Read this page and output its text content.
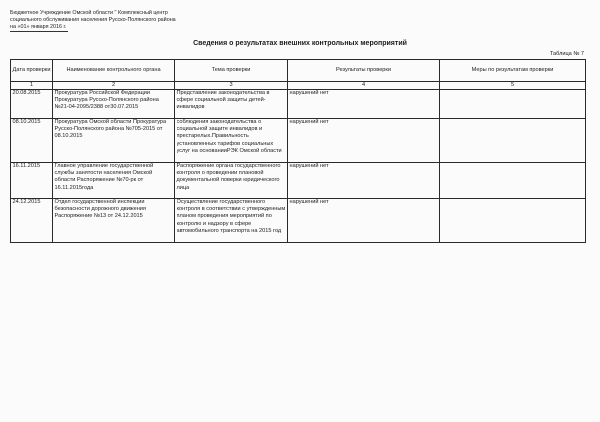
Бюджетное Учреждение Омской области " Комплексный центр
социального обслуживания населения Русско-Полянского района
на «01» января 2016 г.
Сведения о результатах внешних контрольных мероприятий
Таблица № 7
Дата проверки	Наименование контрольного органа	Тема проверки	Результаты проверки	Меры по результатам проверки
1	2	3	4	5
20.08.2015	Прокуратура Российской Федерации Прокуратура Русско-Полянского района №21-04-2095/2388 от30.07.2015	Представление законодательства в сфере социальной защиты детей-инвалидов	нарушений нет	
08.10.2015	Прокуратура Омской области Прокуратура Русско-Полянского района №705-2015 от 08.10.2015	соблюдения законодательства о социальной защите инвалидов и престарелых.Правильность установленных тарифов социальных услуг на основанииРЭК Омской области	нарушений нет	
16.11.2015	Главное управление государственной службы занятости населения Омской области Распоряжение №70-рк от 16.11.2015года	Распоряжение органа государственного контроля о проведении плановой документальной поверки юридического лица	нарушений нет	
24.12.2015	Отдел государственной инспекции безопасности дорожного движения Распоряжение №13 от 24.12.2015	Осуществление государственного контроля в соответствии с утвержденным планом проведения мероприятий по контролю и надзору в сфере автомобильного транспорта на 2015 год	нарушений нет	
